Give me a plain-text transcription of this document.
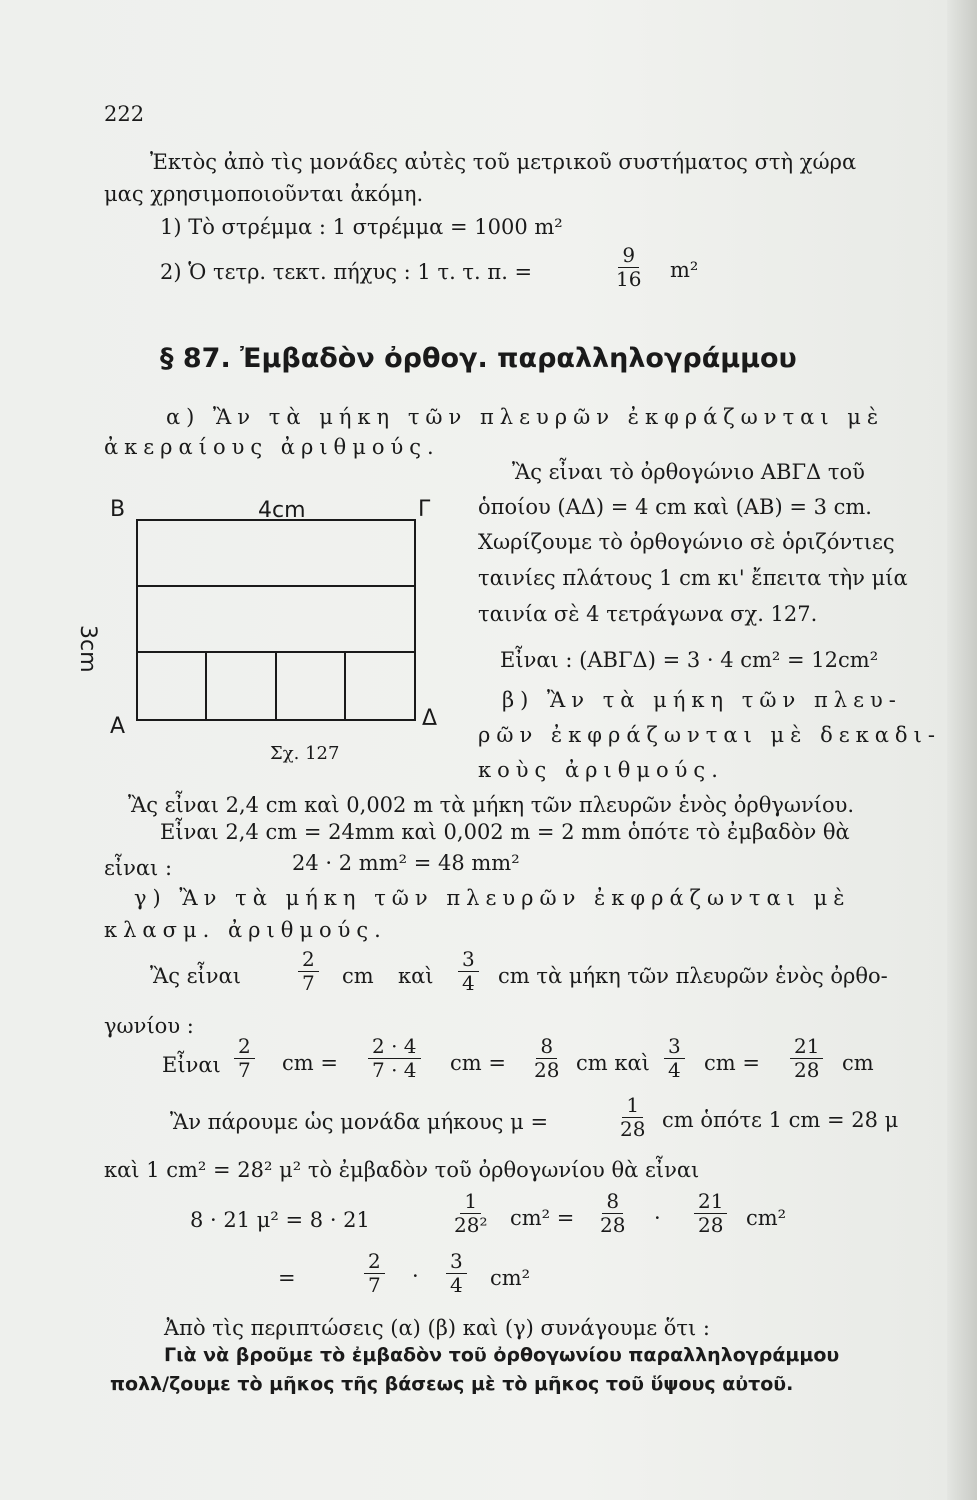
222
Ἐκτὸς ἀπὸ τὶς μονάδες αὐτὲς τοῦ μετρικοῦ συστήματος στὴ χώρα
μας χρησιμοποιοῦνται ἀκόμη.
1) Τὸ στρέμμα : 1 στρέμμα = 1000 m²
2) Ὁ τετρ. τεκτ. πήχυς : 1 τ. τ. π. =	$\frac{9}{16} m^2$
§ 87. Ἐμβαδὸν ὀρθογ. παραλληλογράμμου
α) Ἂν τὰ μήκη τῶν πλευρῶν ἐκφράζωνται μὲ
ἀκεραίους ἀριθμούς.
B	Γ
A	Δ
4cm
3cm
Σχ. 127
Ἂς εἶναι τὸ ὀρθογώνιο ΑΒΓΔ τοῦ
ὁποίου (ΑΔ) = 4 cm καὶ (ΑΒ) = 3 cm.
Χωρίζουμε τὸ ὀρθογώνιο σὲ ὁριζόντιες
ταινίες πλάτους 1 cm κι' ἔπειτα τὴν μία
ταινία σὲ 4 τετράγωνα σχ. 127.
Εἶναι : (ΑΒΓΔ) = 3 · 4 cm² = 12cm²
β) Ἂν τὰ μήκη τῶν πλευ-
ρῶν ἐκφράζωνται μὲ δεκαδι-
κοὺς ἀριθμούς.
Ἂς εἶναι 2,4 cm καὶ 0,002 m τὰ μήκη τῶν πλευρῶν ἑνὸς ὀρθγωνίου.
Εἶναι 2,4 cm = 24mm καὶ 0,002 m = 2 mm ὁπότε τὸ ἐμβαδὸν θὰ
εἶναι :	24 · 2 mm² = 48 mm²
γ) Ἂν τὰ μήκη τῶν πλευρῶν ἐκφράζωνται μὲ
κλασμ. ἀριθμούς.
Ἂς εἶναι	$\frac{2}{7}$ cm καὶ $\frac{3}{4}$ cm τὰ μήκη τῶν πλευρῶν ἑνὸς ὀρθο-
γωνίου :
Εἶναι $\frac{2}{7}$ cm = $\frac{2 \cdot 4}{7 \cdot 4}$ cm = $\frac{8}{28}$ cm καὶ $\frac{3}{4}$ cm = $\frac{21}{28}$ cm
Ἂν πάρουμε ὡς μονάδα μήκους μ =	$\frac{1}{28}$ cm ὁπότε 1 cm = 28 μ
καὶ 1 cm² = 28² μ² τὸ ἐμβαδὸν τοῦ ὀρθογωνίου θὰ εἶναι
8 · 21 μ² = 8 · 21	$\frac{1}{\text{28²}} cm^2 = \frac{8}{28} \cdot \frac{21}{28} cm^2$
=	$\frac{2}{7} \cdot \frac{3}{4} cm^2$
Ἀπὸ τὶς περιπτώσεις (α) (β) καὶ (γ) συνάγουμε ὅτι :
Γιὰ νὰ βροῦμε τὸ ἐμβαδὸν τοῦ ὀρθογωνίου παραλληλογράμμου
πολλ/ζουμε τὸ μῆκος τῆς βάσεως μὲ τὸ μῆκος τοῦ ὕψους αὐτοῦ.
